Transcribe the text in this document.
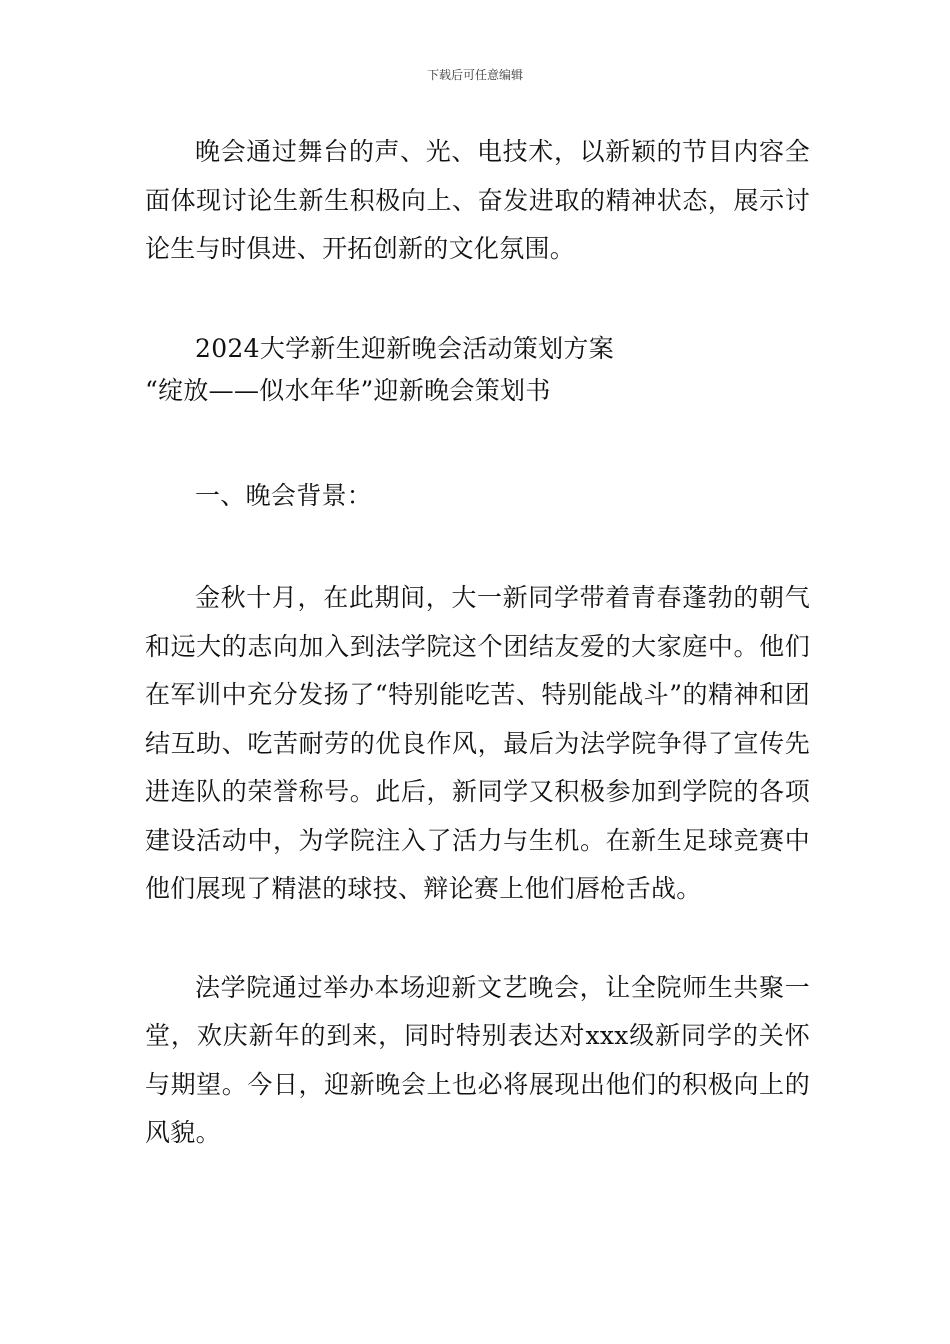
下载后可任意编辑

晚会通过舞台的声、光、电技术，以新颖的节目内容全面体现讨论生新生积极向上、奋发进取的精神状态，展示讨论生与时俱进、开拓创新的文化氛围。

2024大学新生迎新晚会活动策划方案

“绽放——似水年华”迎新晚会策划书

一、晚会背景：

金秋十月，在此期间，大一新同学带着青春蓬勃的朝气和远大的志向加入到法学院这个团结友爱的大家庭中。他们在军训中充分发扬了“特别能吃苦、特别能战斗”的精神和团结互助、吃苦耐劳的优良作风，最后为法学院争得了宣传先进连队的荣誉称号。此后，新同学又积极参加到学院的各项建设活动中，为学院注入了活力与生机。在新生足球竞赛中他们展现了精湛的球技、辩论赛上他们唇枪舌战。

法学院通过举办本场迎新文艺晚会，让全院师生共聚一堂，欢庆新年的到来，同时特别表达对xxx级新同学的关怀与期望。今日，迎新晚会上也必将展现出他们的积极向上的风貌。
